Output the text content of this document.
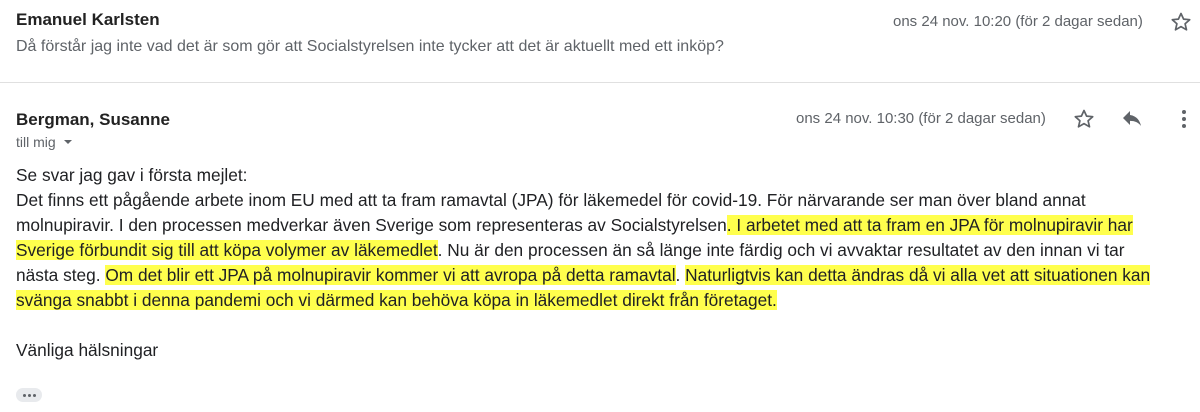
Emanuel Karlsten	ons 24 nov. 10:20 (för 2 dagar sedan)
Då förstår jag inte vad det är som gör att Socialstyrelsen inte tycker att det är aktuellt med ett inköp?
Bergman, Susanne	ons 24 nov. 10:30 (för 2 dagar sedan)
till mig
Se svar jag gav i första mejlet:
Det finns ett pågående arbete inom EU med att ta fram ramavtal (JPA) för läkemedel för covid-19. För närvarande ser man över bland annat
molnupiravir. I den processen medverkar även Sverige som representeras av Socialstyrelsen. I arbetet med att ta fram en JPA för molnupiravir har
Sverige förbundit sig till att köpa volymer av läkemedlet. Nu är den processen än så länge inte färdig och vi avvaktar resultatet av den innan vi tar
nästa steg. Om det blir ett JPA på molnupiravir kommer vi att avropa på detta ramavtal. Naturligtvis kan detta ändras då vi alla vet att situationen kan
svänga snabbt i denna pandemi och vi därmed kan behöva köpa in läkemedlet direkt från företaget.
Vänliga hälsningar
